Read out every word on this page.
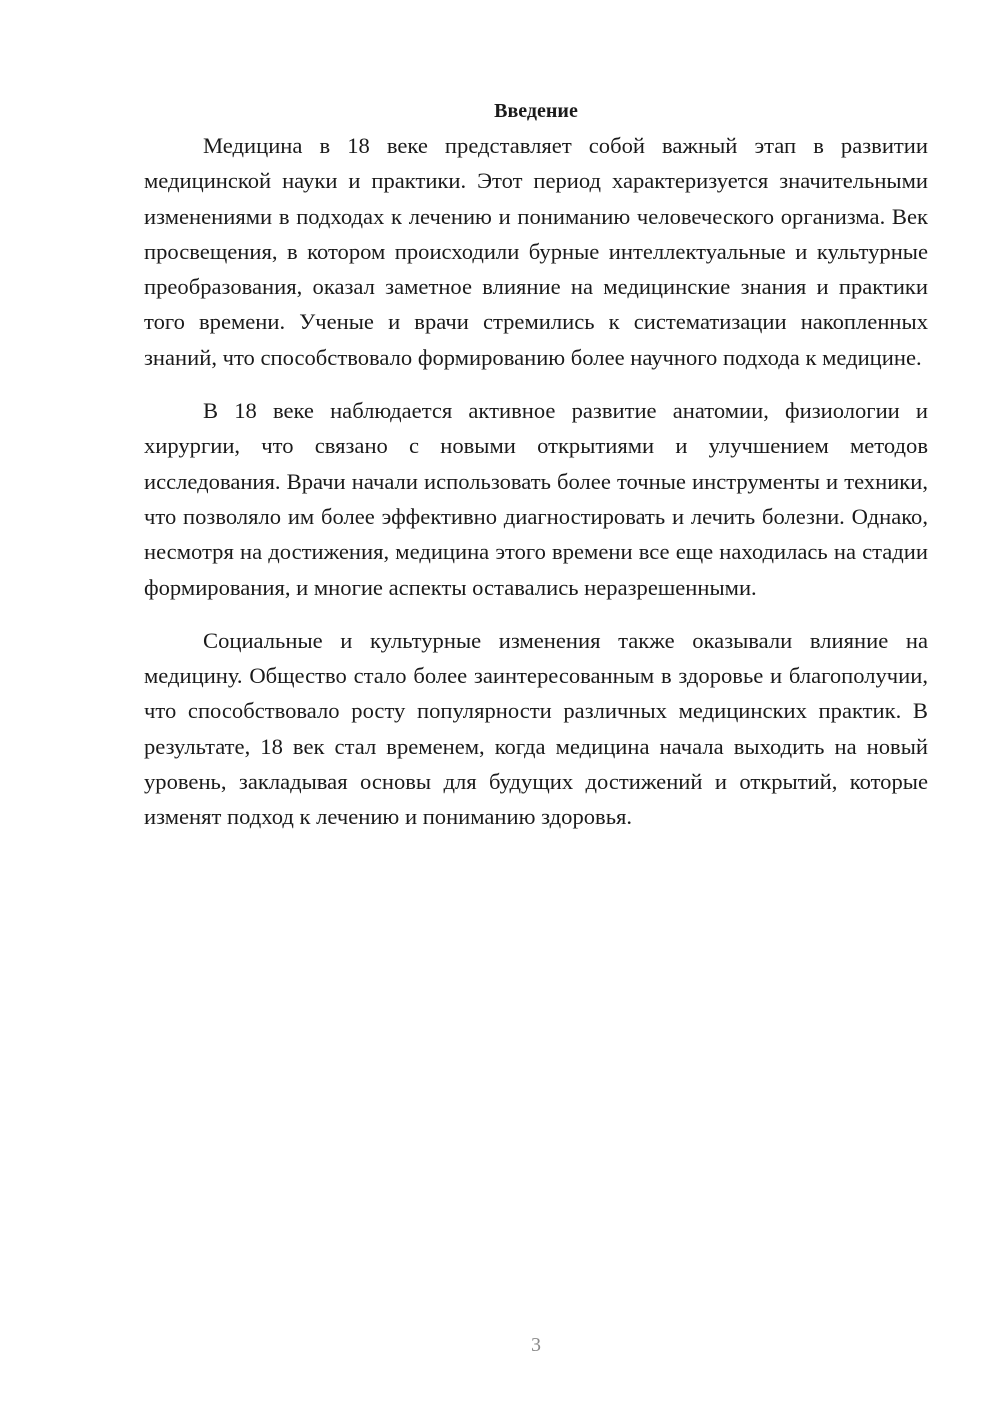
Введение

Медицина в 18 веке представляет собой важный этап в развитии медицинской науки и практики. Этот период характеризуется значительными изменениями в подходах к лечению и пониманию человеческого организма. Век просвещения, в котором происходили бурные интеллектуальные и культурные преобразования, оказал заметное влияние на медицинские знания и практики того времени. Ученые и врачи стремились к систематизации накопленных знаний, что способствовало формированию более научного подхода к медицине.

В 18 веке наблюдается активное развитие анатомии, физиологии и хирургии, что связано с новыми открытиями и улучшением методов исследования. Врачи начали использовать более точные инструменты и техники, что позволяло им более эффективно диагностировать и лечить болезни. Однако, несмотря на достижения, медицина этого времени все еще находилась на стадии формирования, и многие аспекты оставались неразрешенными.

Социальные и культурные изменения также оказывали влияние на медицину. Общество стало более заинтересованным в здоровье и благополучии, что способствовало росту популярности различных медицинских практик. В результате, 18 век стал временем, когда медицина начала выходить на новый уровень, закладывая основы для будущих достижений и открытий, которые изменят подход к лечению и пониманию здоровья.

3
